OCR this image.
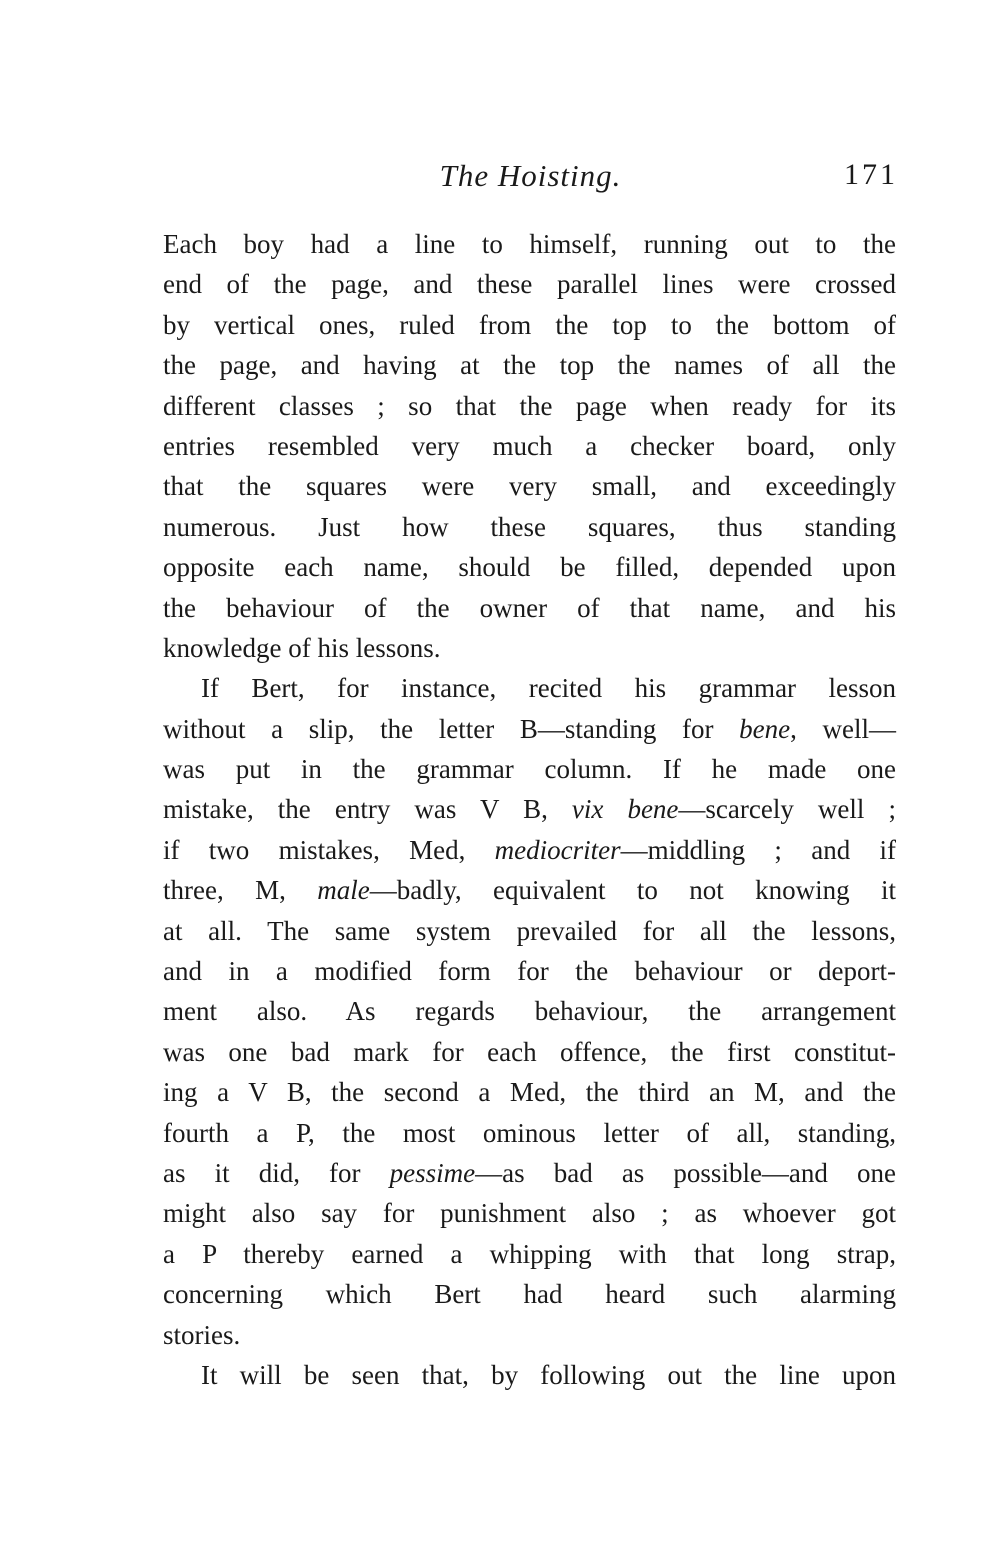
The Hoisting.	171
Each boy had a line to himself, running out to the
end of the page, and these parallel lines were crossed
by vertical ones, ruled from the top to the bottom of
the page, and having at the top the names of all the
different classes ; so that the page when ready for its
entries resembled very much a checker board, only
that the squares were very small, and exceedingly
numerous. Just how these squares, thus standing
opposite each name, should be filled, depended upon
the behaviour of the owner of that name, and his
knowledge of his lessons.
If Bert, for instance, recited his grammar lesson
without a slip, the letter B—standing for bene, well—
was put in the grammar column. If he made one
mistake, the entry was V B, vix bene—scarcely well ;
if two mistakes, Med, mediocriter—middling ; and if
three, M, male—badly, equivalent to not knowing it
at all. The same system prevailed for all the lessons,
and in a modified form for the behaviour or deport-
ment also. As regards behaviour, the arrangement
was one bad mark for each offence, the first constitut-
ing a V B, the second a Med, the third an M, and the
fourth a P, the most ominous letter of all, standing,
as it did, for pessime—as bad as possible—and one
might also say for punishment also ; as whoever got
a P thereby earned a whipping with that long strap,
concerning which Bert had heard such alarming
stories.
It will be seen that, by following out the line upon
